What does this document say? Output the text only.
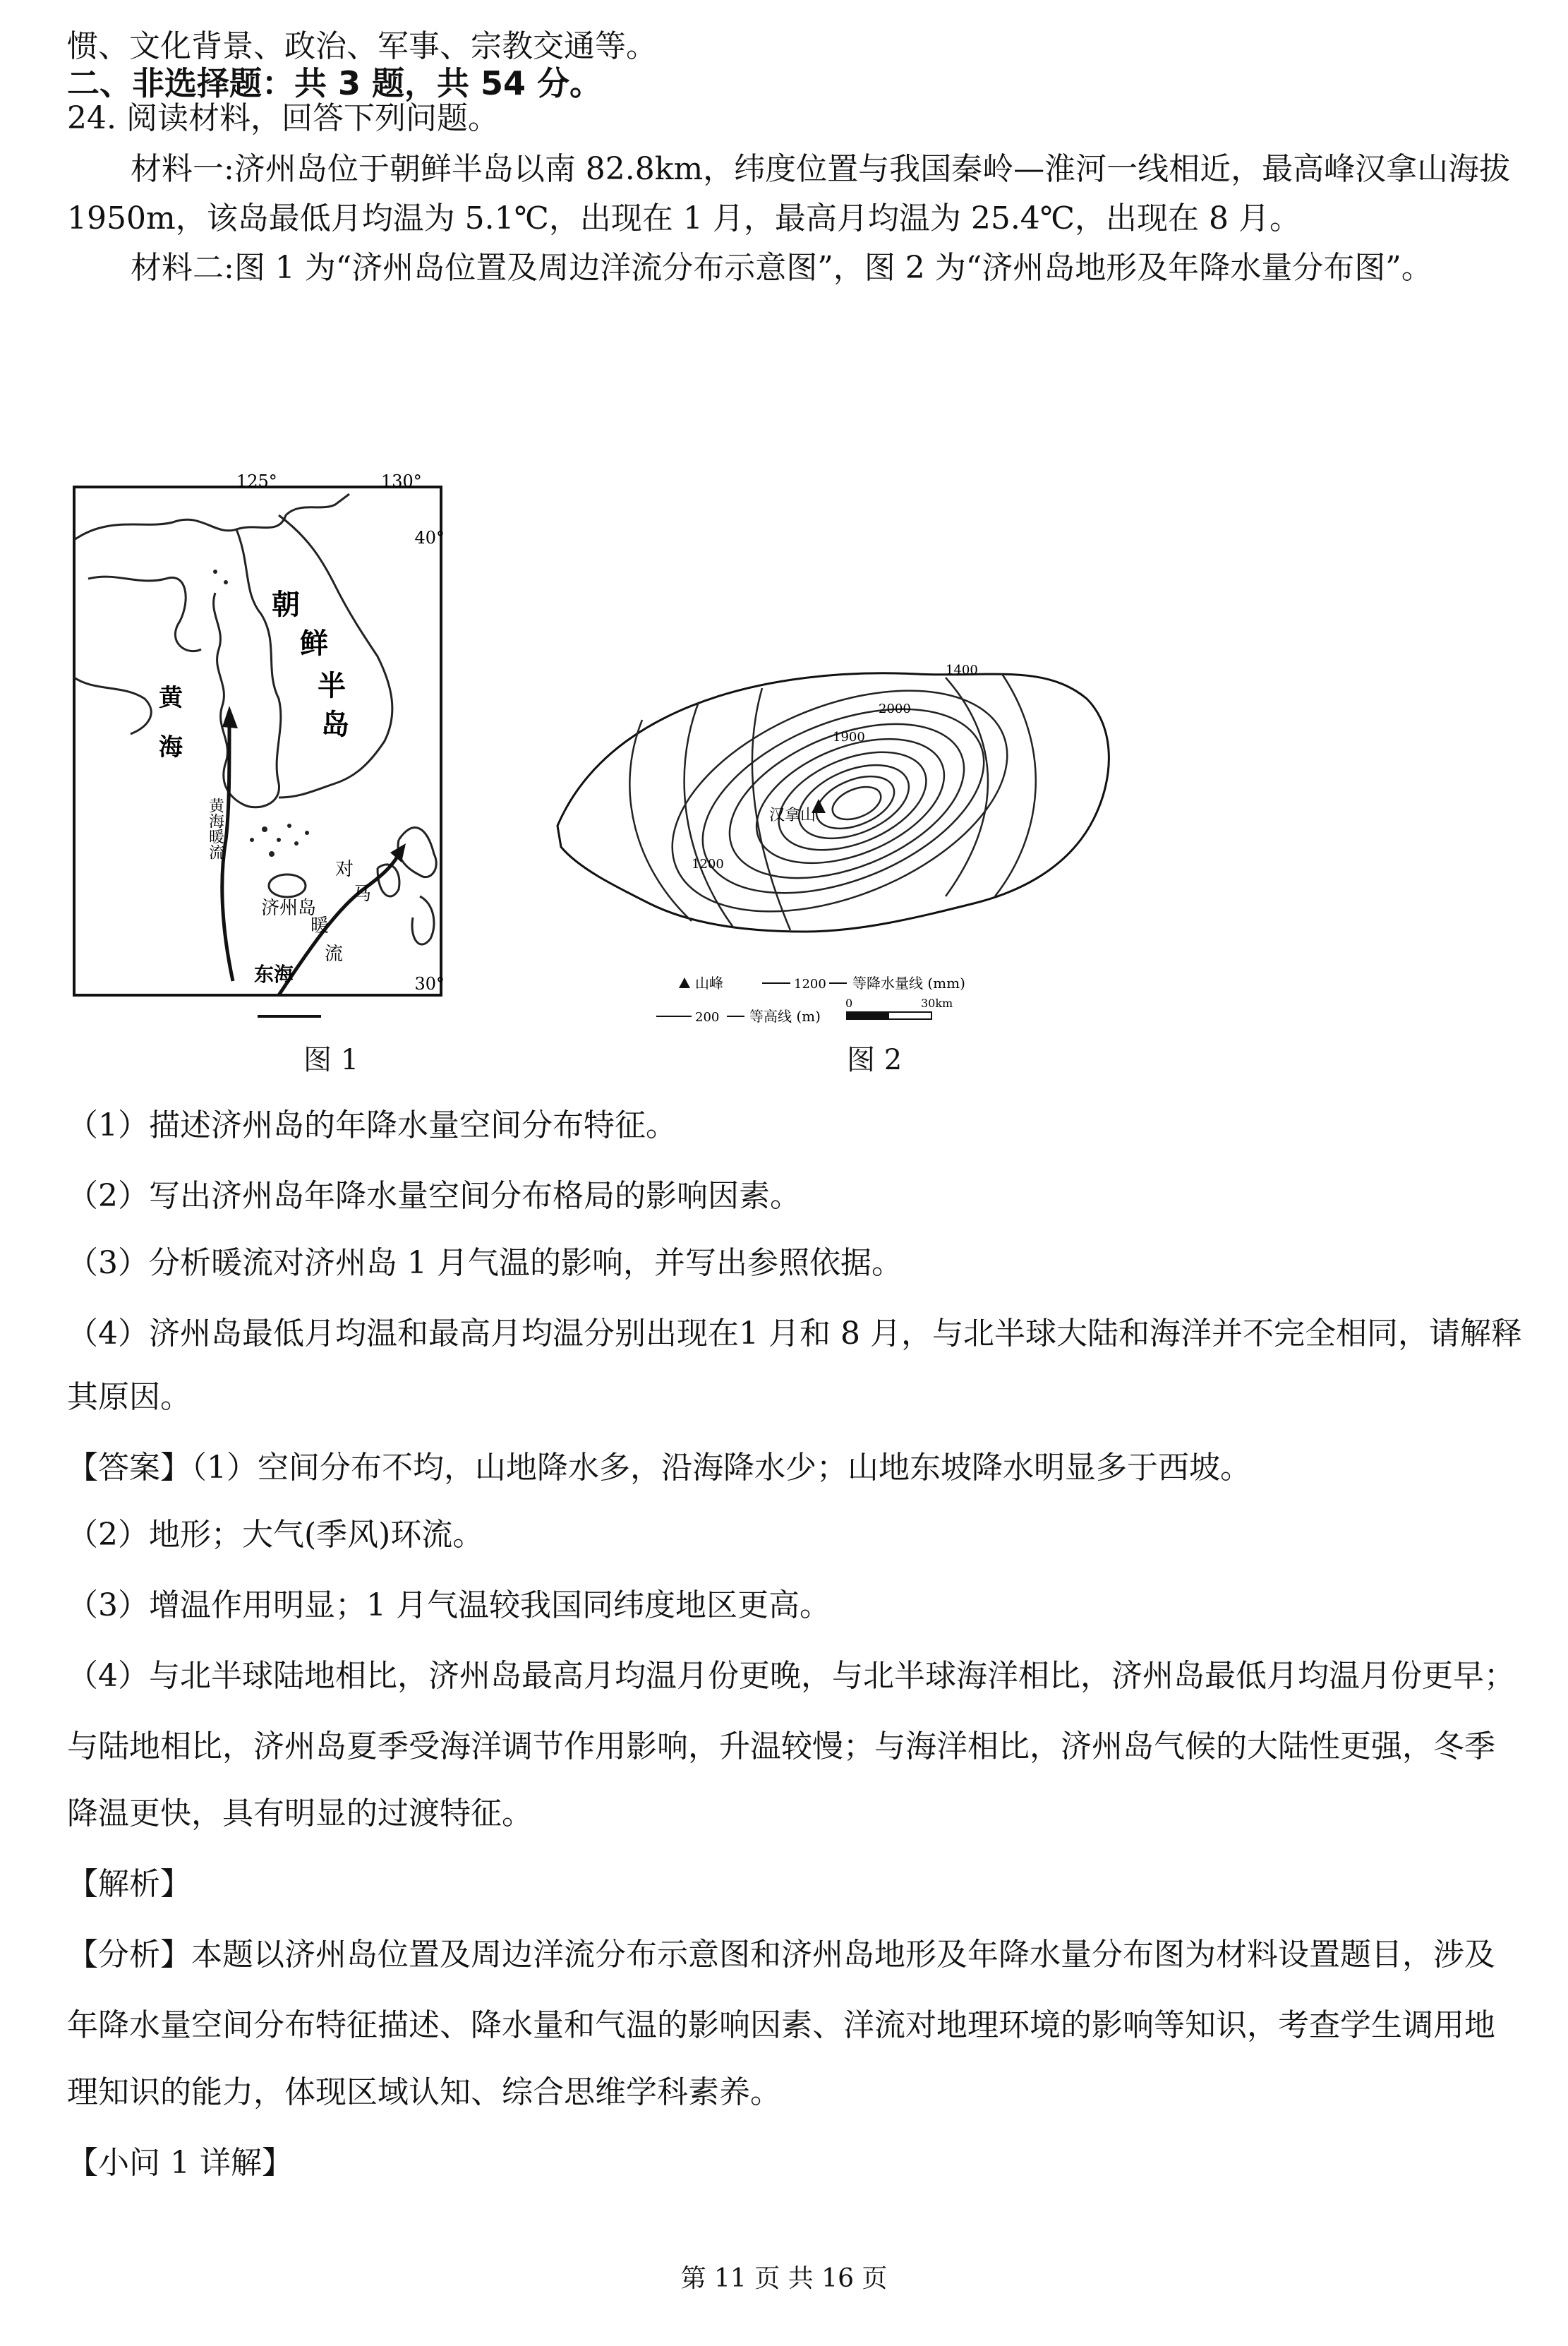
惯、文化背景、政治、军事、宗教交通等。
二、非选择题：共 3 题，共 54 分。
24. 阅读材料，回答下列问题。
材料一:济州岛位于朝鲜半岛以南 82.8km，纬度位置与我国秦岭—淮河一线相近，最高峰汉拿山海拔
1950m，该岛最低月均温为 5.1℃，出现在 1 月，最高月均温为 25.4℃，出现在 8 月。
材料二:图 1 为“济州岛位置及周边洋流分布示意图”，图 2 为“济州岛地形及年降水量分布图”。
125°	130°
40°
30°
朝
鲜
半
岛
黄
海
黄海暖流
济州岛
对
马
暖
流
东海
汉拿山
1400
2000
1900
1200
山峰	1200 等降水量线 (mm)
200 等高线 (m)
0	30km
图 1	图 2
（1）描述济州岛的年降水量空间分布特征。
（2）写出济州岛年降水量空间分布格局的影响因素。
（3）分析暖流对济州岛 1 月气温的影响，并写出参照依据。
（4）济州岛最低月均温和最高月均温分别出现在1 月和 8 月，与北半球大陆和海洋并不完全相同，请解释
其原因。
【答案】（1）空间分布不均，山地降水多，沿海降水少；山地东坡降水明显多于西坡。
（2）地形；大气(季风)环流。
（3）增温作用明显；1 月气温较我国同纬度地区更高。
（4）与北半球陆地相比，济州岛最高月均温月份更晚，与北半球海洋相比，济州岛最低月均温月份更早；
与陆地相比，济州岛夏季受海洋调节作用影响，升温较慢；与海洋相比，济州岛气候的大陆性更强，冬季
降温更快，具有明显的过渡特征。
【解析】
【分析】本题以济州岛位置及周边洋流分布示意图和济州岛地形及年降水量分布图为材料设置题目，涉及
年降水量空间分布特征描述、降水量和气温的影响因素、洋流对地理环境的影响等知识，考查学生调用地
理知识的能力，体现区域认知、综合思维学科素养。
【小问 1 详解】
第 11 页 共 16 页
